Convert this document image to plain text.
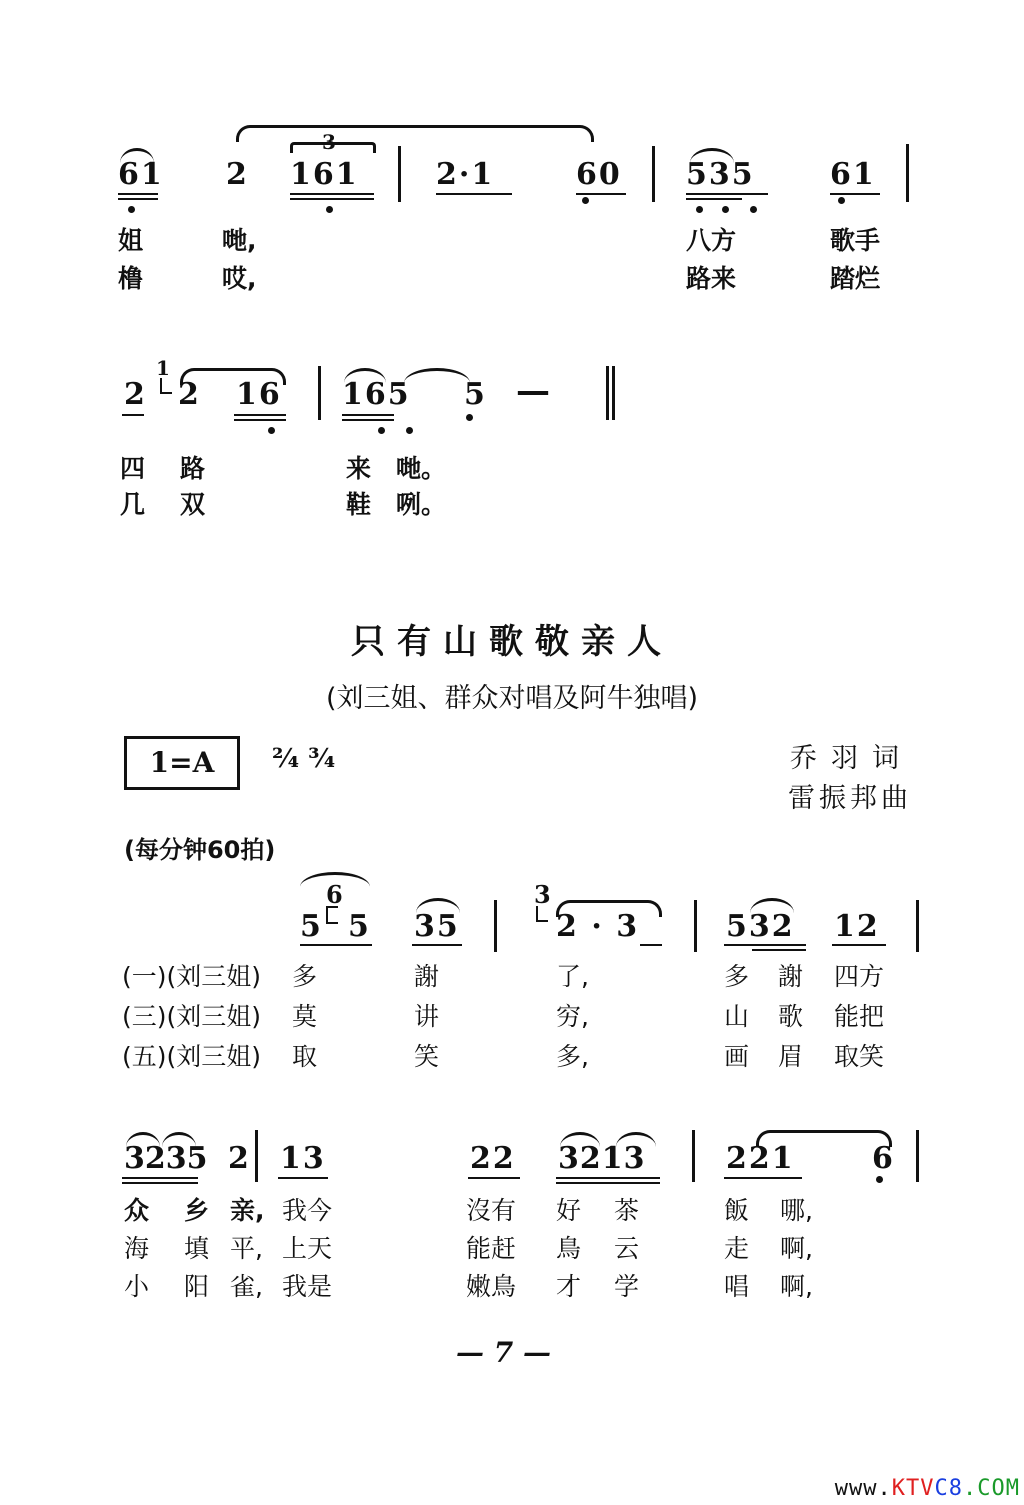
61 2
3
161	2·1	60 535	61
姐	哋,	八方	歌手
橹	哎,	路来	踏烂
2
1
2 16 165 5 —
四 路	来 哋。
几 双	鞋 咧。
只有山歌敬亲人
(刘三姐、群众对唱及阿牛独唱)
1=A	²⁄₄ ³⁄₄	乔羽词
雷振邦曲
(每分钟60拍)
6
5 5 35
3
2 · 3	532 12
(一)(刘三姐) 多	謝	了,	多 謝 四方
(三)(刘三姐) 莫	讲	穷,	山 歌 能把
(五)(刘三姐) 取	笑	多,	画 眉 取笑
3235 2 13	22 3213	221	6
众 乡 亲, 我今	沒有 好 茶	飯 哪,
海 填 平, 上天	能赶 鳥 云	走 啊,
小 阳 雀, 我是	嫩鳥 才 学	唱 啊,
— 7 —
www.KTVC8.COM
